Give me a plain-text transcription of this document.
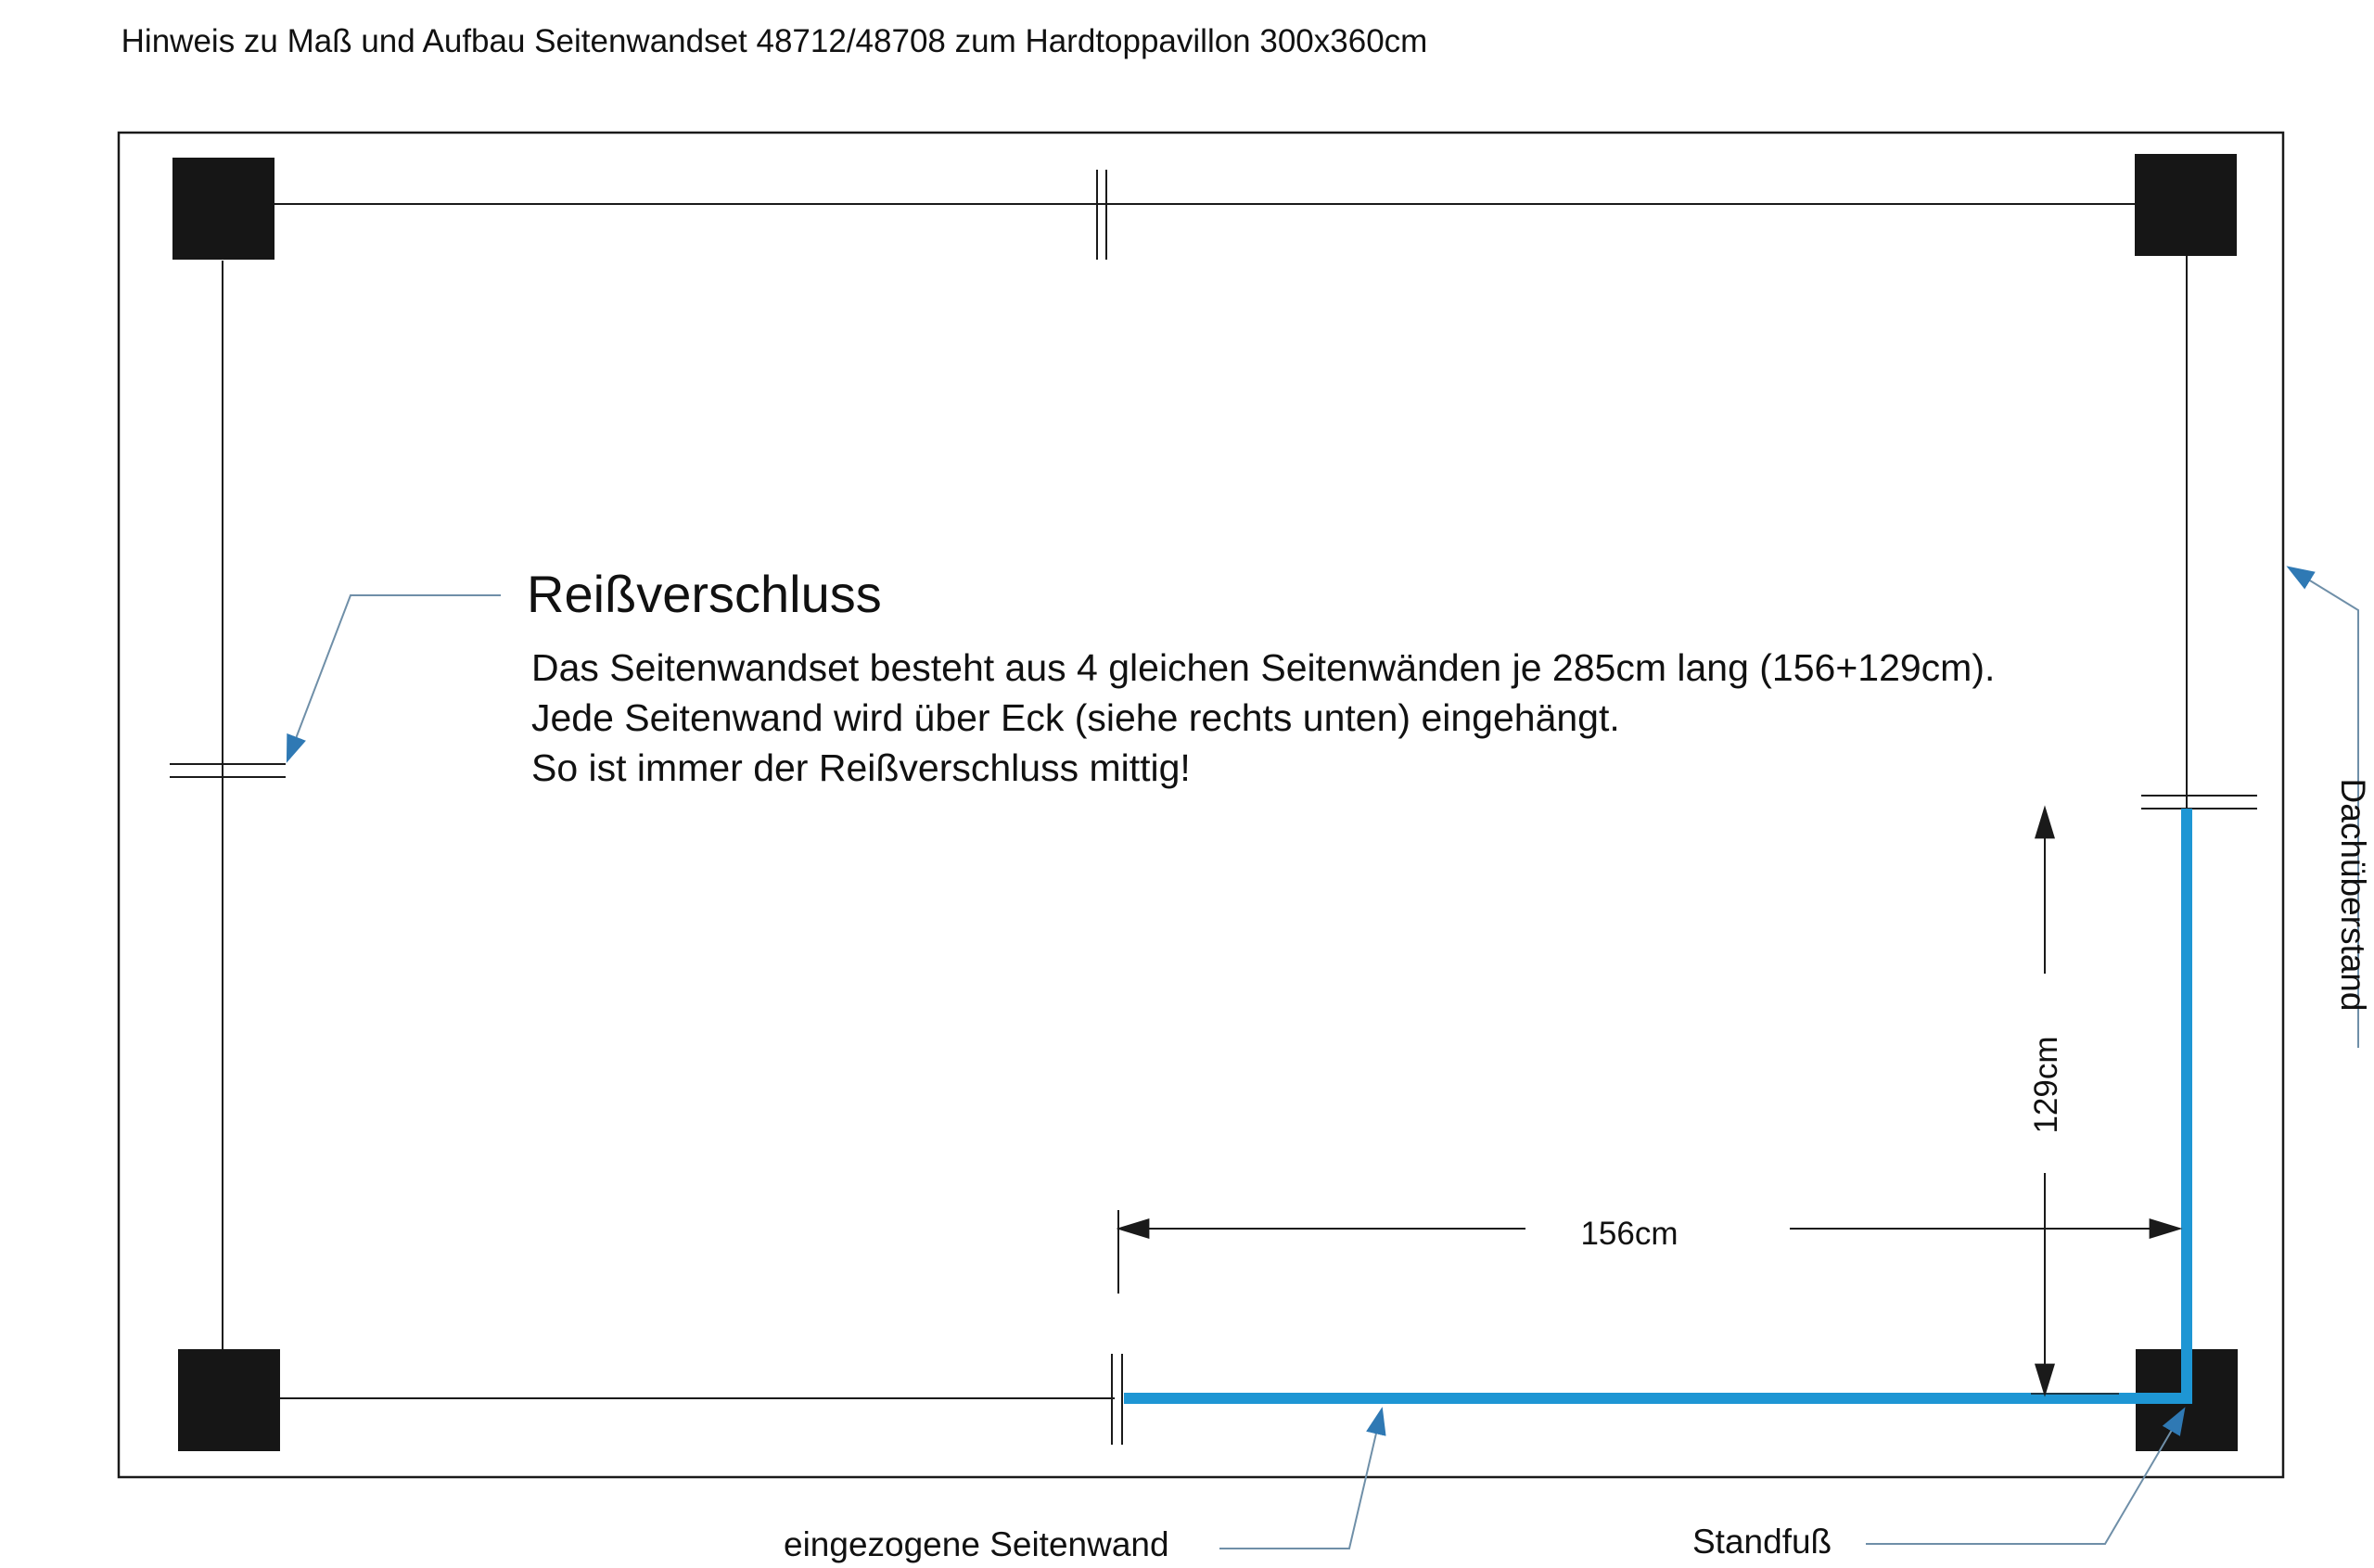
Hinweis zu Maß und Aufbau Seitenwandset 48712/48708 zum Hardtoppavillon 300x360cm
156cm
129cm
Reißverschluss
Das Seitenwandset besteht aus 4 gleichen Seitenwänden je 285cm lang (156+129cm).
Jede Seitenwand wird über Eck (siehe rechts unten) eingehängt.
So ist immer der Reißverschluss mittig!
Dachüberstand
eingezogene Seitenwand	Standfuß
